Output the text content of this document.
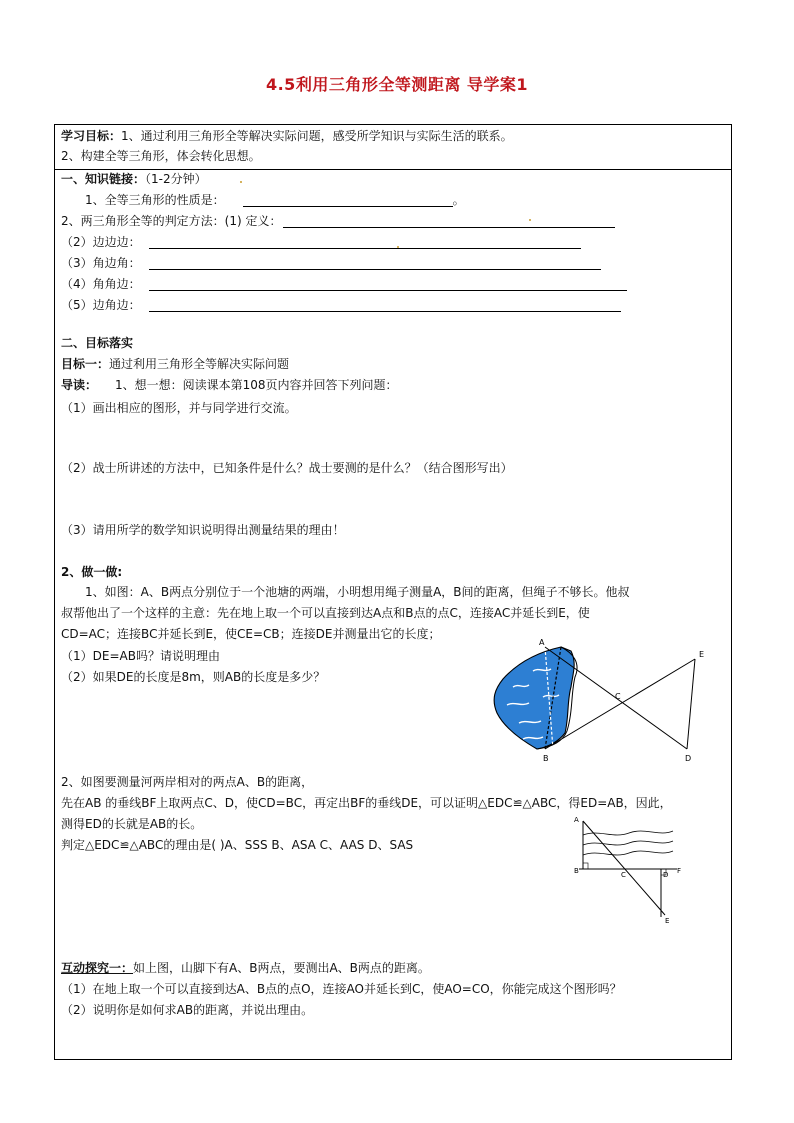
4.5利用三角形全等测距离 导学案1
学习目标：1、通过利用三角形全等解决实际问题，感受所学知识与实际生活的联系。
2、构建全等三角形，体会转化思想。
一、知识链接：（1-2分钟）
1、全等三角形的性质是：	。
2、两三角形全等的判定方法：(1) 定义：
（2）边边边：
（3）角边角：
（4）角角边：
（5）边角边：
二、目标落实
目标一：通过利用三角形全等解决实际问题
导读： 1、想一想：阅读课本第108页内容并回答下列问题：
（1）画出相应的图形，并与同学进行交流。
（2）战士所讲述的方法中，已知条件是什么？战士要测的是什么？（结合图形写出）
（3）请用所学的数学知识说明得出测量结果的理由！
2、做一做:
1、如图：A、B两点分别位于一个池塘的两端，小明想用绳子测量A，B间的距离，但绳子不够长。他叔
叔帮他出了一个这样的主意：先在地上取一个可以直接到达A点和B点的点C，连接AC并延长到E，使
CD=AC；连接BC并延长到E，使CE=CB；连接DE并测量出它的长度；
（1）DE=AB吗？请说明理由
（2）如果DE的长度是8m，则AB的长度是多少？
A
B
C
D
E
2、如图要测量河两岸相对的两点A、B的距离，
先在AB 的垂线BF上取两点C、D，使CD=BC，再定出BF的垂线DE，可以证明△EDC≌△ABC，得ED=AB，因此，
测得ED的长就是AB的长。
判定△EDC≌△ABC的理由是( )A、SSS B、ASA C、AAS D、SAS
A
B	C	D F
E
互动探究一：如上图，山脚下有A、B两点，要测出A、B两点的距离。
（1）在地上取一个可以直接到达A、B点的点O，连接AO并延长到C，使AO=CO，你能完成这个图形吗？
（2）说明你是如何求AB的距离，并说出理由。
